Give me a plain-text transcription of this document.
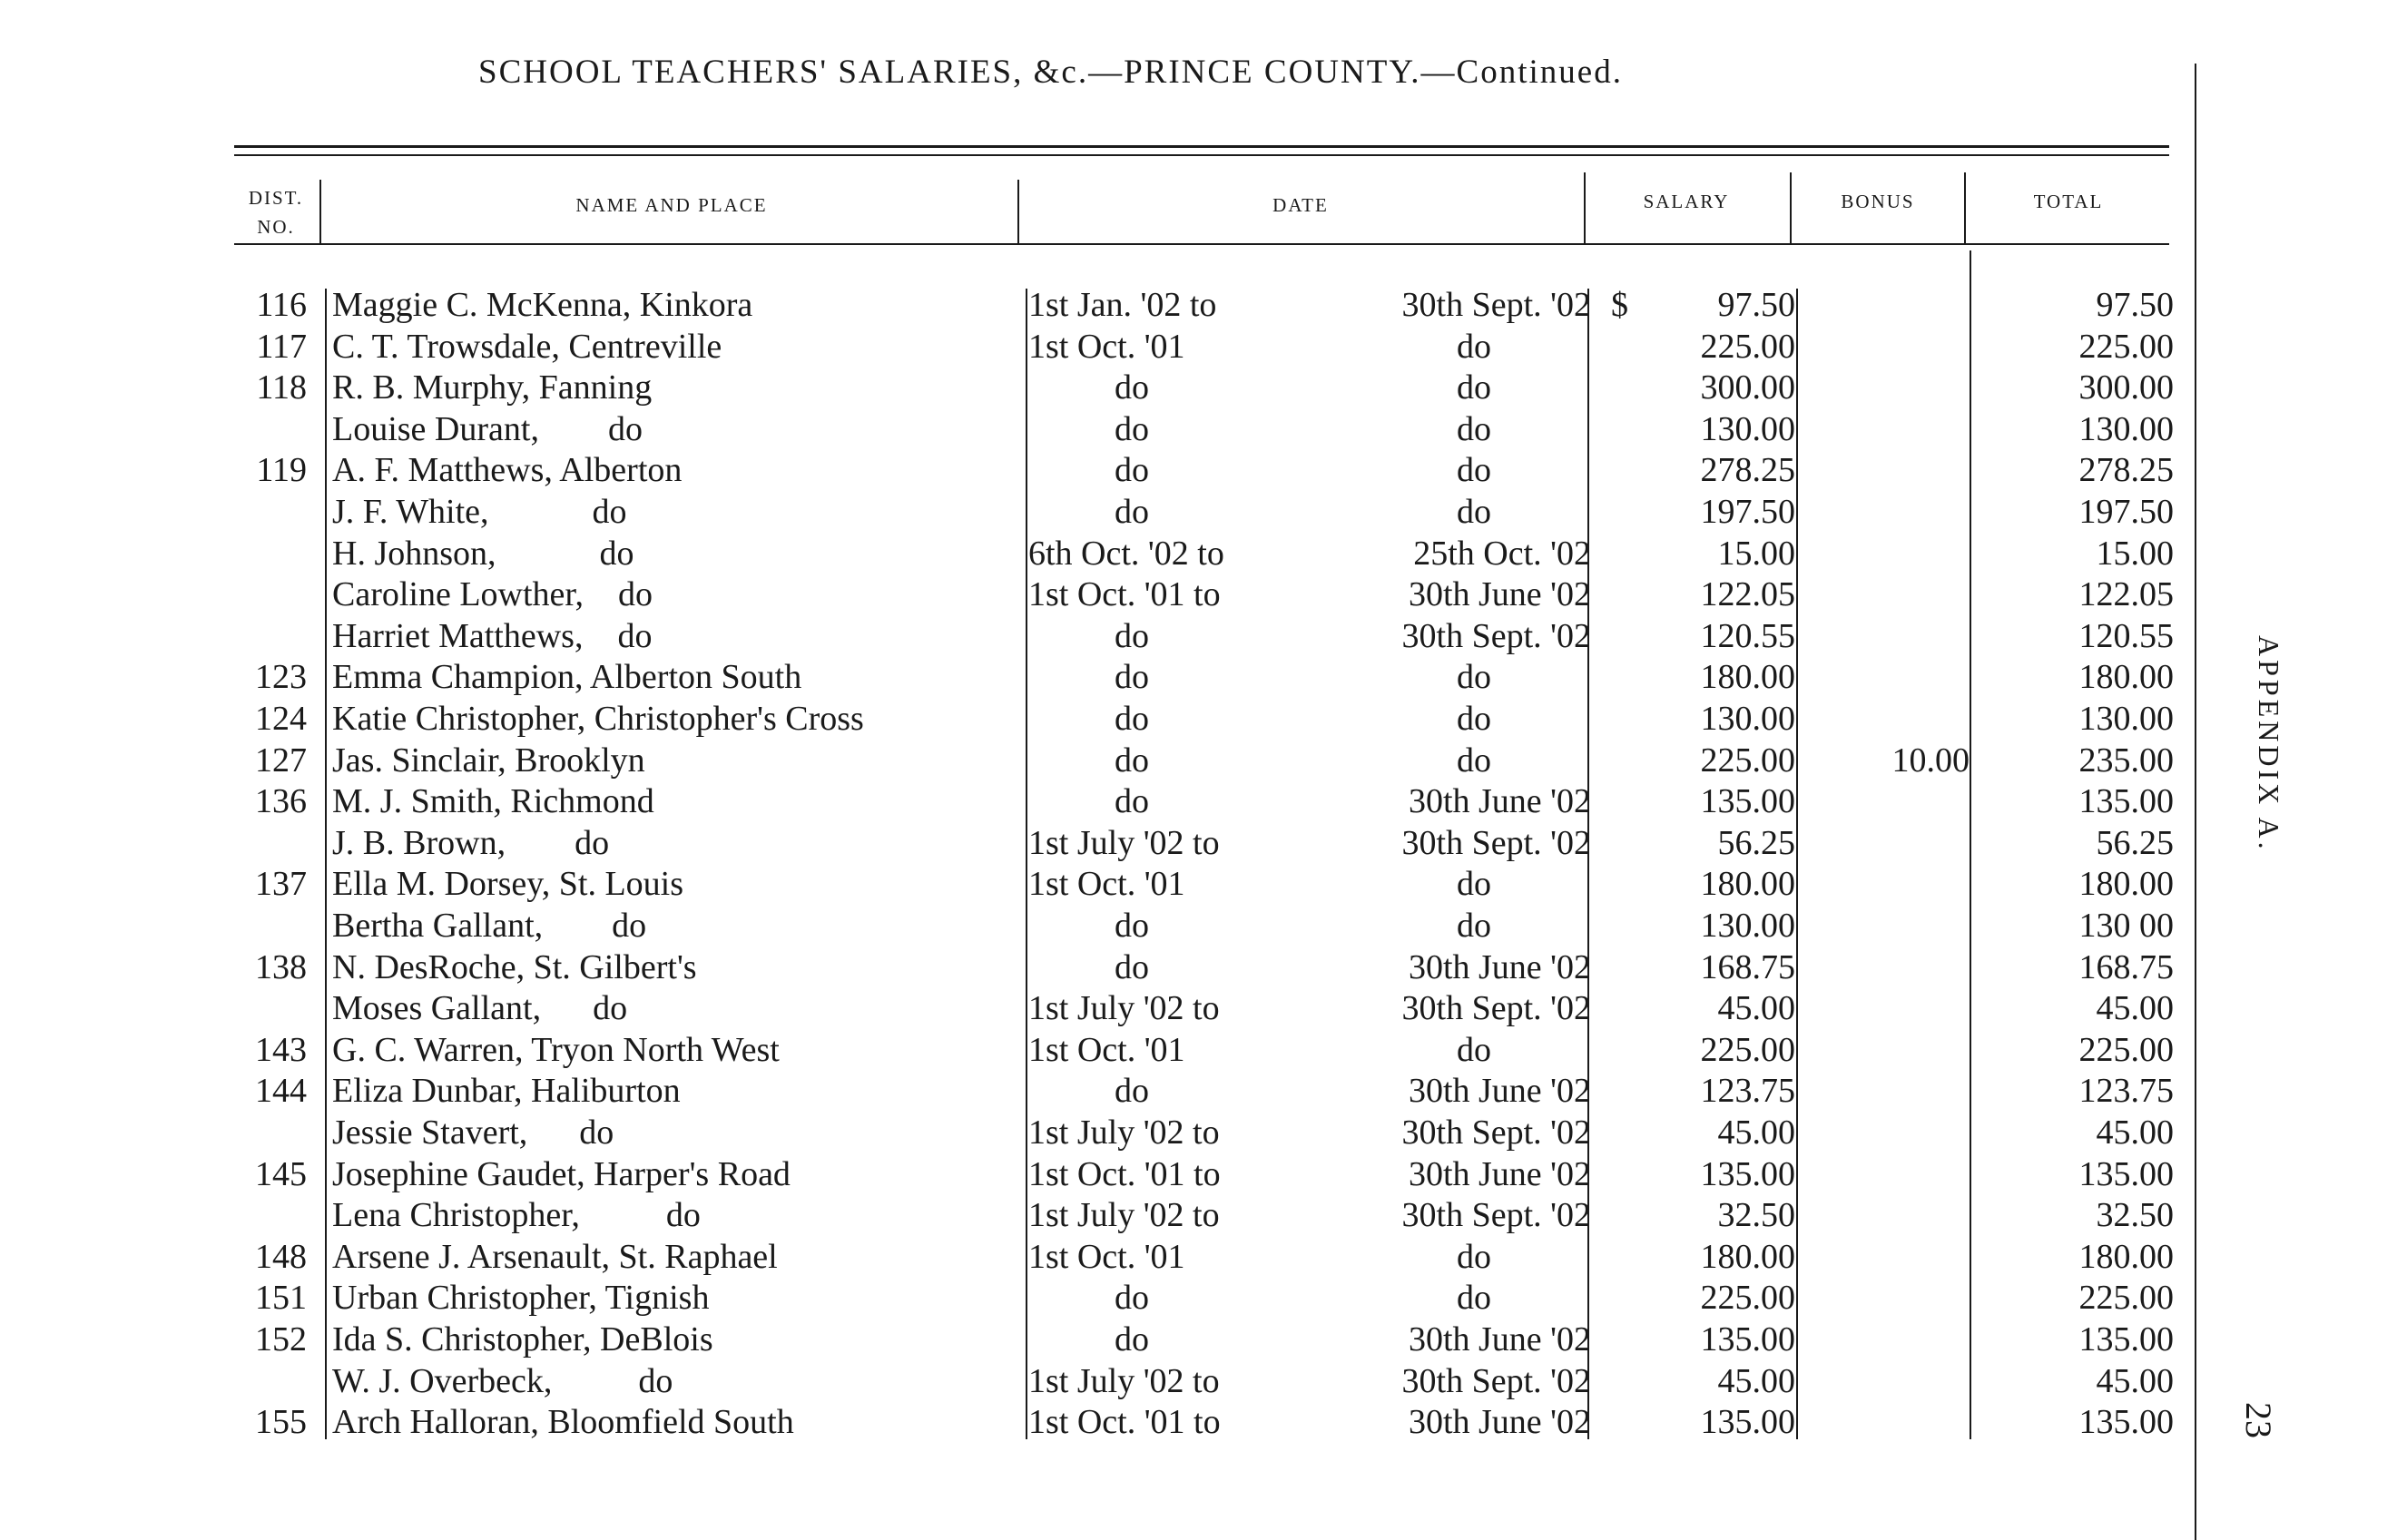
SCHOOL TEACHERS' SALARIES, &c.—PRINCE COUNTY.—Continued.
DIST.
NO.
NAME AND PLACE	DATE	SALARY	BONUS	TOTAL
116 Maggie C. McKenna, Kinkora	1st Jan. '02 to	30th Sept. '02 $	97.50	97.50
117 C. T. Trowsdale, Centreville	1st Oct. '01	do	225.00	225.00
118 R. B. Murphy, Fanning	do	do	300.00	300.00
Louise Durant,        do	do	do	130.00	130.00
119 A. F. Matthews, Alberton	do	do	278.25	278.25
J. F. White,            do	do	do	197.50	197.50
H. Johnson,            do	6th Oct. '02 to	25th Oct. '02	15.00	15.00
Caroline Lowther,    do	1st Oct. '01 to	30th June '02	122.05	122.05
Harriet Matthews,    do	do	30th Sept. '02	120.55	120.55
123 Emma Champion, Alberton South	do	do	180.00	180.00
124 Katie Christopher, Christopher's Cross	do	do	130.00	130.00
127 Jas. Sinclair, Brooklyn	do	do	225.00	10.00	235.00
136 M. J. Smith, Richmond	do	30th June '02	135.00	135.00
J. B. Brown,        do	1st July '02 to	30th Sept. '02	56.25	56.25
137 Ella M. Dorsey, St. Louis	1st Oct. '01	do	180.00	180.00
Bertha Gallant,        do	do	do	130.00	130 00
138 N. DesRoche, St. Gilbert's	do	30th June '02	168.75	168.75
Moses Gallant,      do	1st July '02 to	30th Sept. '02	45.00	45.00
143 G. C. Warren, Tryon North West	1st Oct. '01	do	225.00	225.00
144 Eliza Dunbar, Haliburton	do	30th June '02	123.75	123.75
Jessie Stavert,      do	1st July '02 to	30th Sept. '02	45.00	45.00
145 Josephine Gaudet, Harper's Road	1st Oct. '01 to	30th June '02	135.00	135.00
Lena Christopher,          do	1st July '02 to	30th Sept. '02	32.50	32.50
148 Arsene J. Arsenault, St. Raphael	1st Oct. '01	do	180.00	180.00
151 Urban Christopher, Tignish	do	do	225.00	225.00
152 Ida S. Christopher, DeBlois	do	30th June '02	135.00	135.00
W. J. Overbeck,          do	1st July '02 to	30th Sept. '02	45.00	45.00
155 Arch Halloran, Bloomfield South	1st Oct. '01 to	30th June '02	135.00	135.00
APPENDIX A.
23
